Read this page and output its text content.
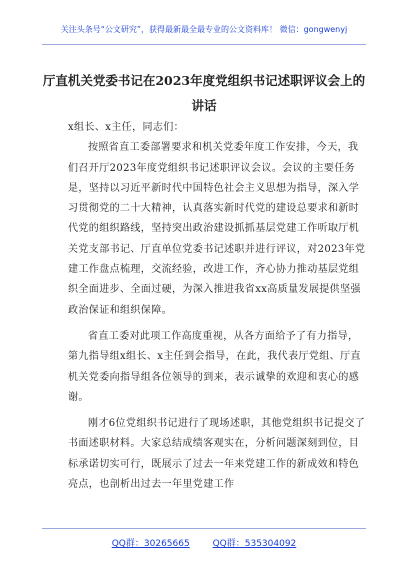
关注头条号“公文研究”，获得最新最全最专业的公文资料库！ 微信：gongwenyj
厅直机关党委书记在2023年度党组织书记述职评议会上的
讲话

x组长、x主任，同志们：

按照省直工委部署要求和机关党委年度工作安排，今天，我们召开厅2023年度党组织书记述职评议会议。会议的主要任务是，坚持以习近平新时代中国特色社会主义思想为指导，深入学习贯彻党的二十大精神，认真落实新时代党的建设总要求和新时代党的组织路线，坚持突出政治建设抓抓基层党建工作听取厅机关党支部书记、厅直单位党委书记述职并进行评议，对2023年党建工作盘点梳理，交流经验，改进工作，齐心协力推动基层党组织全面进步、全面过硬，为深入推进我省xx高质量发展提供坚强政治保证和组织保障。

省直工委对此项工作高度重视，从各方面给予了有力指导，第九指导组x组长、x主任到会指导，在此，我代表厅党组、厅直机关党委向指导组各位领导的到来，表示诚挚的欢迎和衷心的感谢。

刚才6位党组织书记进行了现场述职，其他党组织书记提交了书面述职材料。大家总结成绩客观实在，分析问题深刻到位，目标承诺切实可行，既展示了过去一年来党建工作的新成效和特色亮点，也剖析出过去一年里党建工作

QQ群：30265665	QQ群：535304092
